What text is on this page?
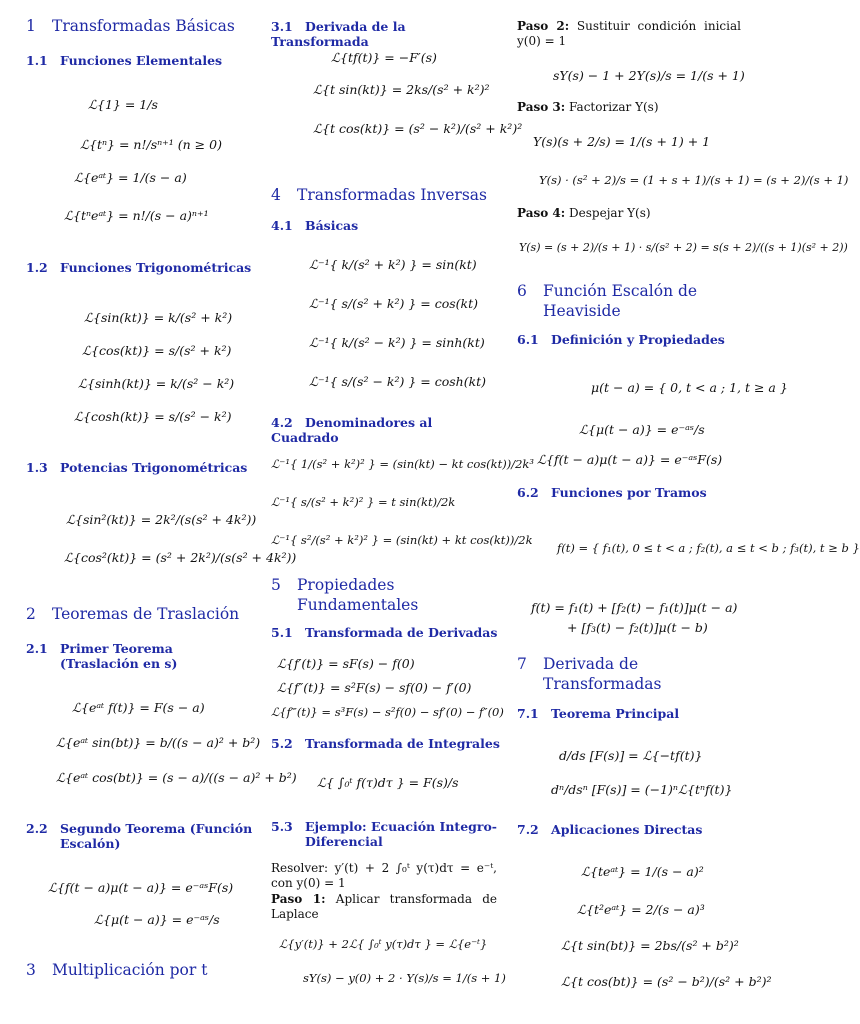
1 Transformadas Básicas
1.1 Funciones Elementales
ℒ{1} = 1/s
ℒ{tⁿ} = n!/sⁿ⁺¹ (n ≥ 0)
ℒ{eᵃᵗ} = 1/(s − a)
ℒ{tⁿeᵃᵗ} = n!/(s − a)ⁿ⁺¹
1.2 Funciones Trigonométricas
ℒ{sin(kt)} = k/(s² + k²)
ℒ{cos(kt)} = s/(s² + k²)
ℒ{sinh(kt)} = k/(s² − k²)
ℒ{cosh(kt)} = s/(s² − k²)
1.3 Potencias Trigonométricas
ℒ{sin²(kt)} = 2k²/(s(s² + 4k²))
ℒ{cos²(kt)} = (s² + 2k²)/(s(s² + 4k²))
2 Teoremas de Traslación
2.1 Primer Teorema (Traslación en s)
ℒ{eᵃᵗ f(t)} = F(s − a)
ℒ{eᵃᵗ sin(bt)} = b/((s − a)² + b²)
ℒ{eᵃᵗ cos(bt)} = (s − a)/((s − a)² + b²)
2.2 Segundo Teorema (Función Escalón)
ℒ{f(t − a)μ(t − a)} = e⁻ᵃˢF(s)
ℒ{μ(t − a)} = e⁻ᵃˢ/s
3 Multiplicación por t
3.1 Derivada de la Transformada
ℒ{tf(t)} = −F′(s)
ℒ{t sin(kt)} = 2ks/(s² + k²)²
ℒ{t cos(kt)} = (s² − k²)/(s² + k²)²
4 Transformadas Inversas
4.1 Básicas
ℒ⁻¹{ k/(s² + k²) } = sin(kt)
ℒ⁻¹{ s/(s² + k²) } = cos(kt)
ℒ⁻¹{ k/(s² − k²) } = sinh(kt)
ℒ⁻¹{ s/(s² − k²) } = cosh(kt)
4.2 Denominadores al Cuadrado
ℒ⁻¹{ 1/(s² + k²)² } = (sin(kt) − kt cos(kt))/2k³
ℒ⁻¹{ s/(s² + k²)² } = t sin(kt)/2k
ℒ⁻¹{ s²/(s² + k²)² } = (sin(kt) + kt cos(kt))/2k
5	Propiedades Fundamentales
5.1 Transformada de Derivadas
ℒ{f′(t)} = sF(s) − f(0)
ℒ{f″(t)} = s²F(s) − sf(0) − f′(0)
ℒ{f‴(t)} = s³F(s) − s²f(0) − sf′(0) − f″(0)
5.2 Transformada de Integrales
ℒ{ ∫₀ᵗ f(τ)dτ } = F(s)/s
5.3 Ejemplo: Ecuación Integro-Diferencial
Resolver: y′(t) + 2 ∫₀ᵗ y(τ)dτ = e⁻ᵗ, con y(0) = 1
Paso 1: Aplicar transformada de Laplace
ℒ{y′(t)} + 2ℒ{ ∫₀ᵗ y(τ)dτ } = ℒ{e⁻ᵗ}
sY(s) − y(0) + 2 · Y(s)/s = 1/(s + 1)
Paso 2: Sustituir condición inicial y(0) = 1
sY(s) − 1 + 2Y(s)/s = 1/(s + 1)
Paso 3: Factorizar Y(s)
Y(s)(s + 2/s) = 1/(s + 1) + 1
Y(s) · (s² + 2)/s = (1 + s + 1)/(s + 1) = (s + 2)/(s + 1)
Paso 4: Despejar Y(s)
Y(s) = (s + 2)/(s + 1) · s/(s² + 2) = s(s + 2)/((s + 1)(s² + 2))
6	Función Escalón de Heaviside
6.1 Definición y Propiedades
μ(t − a) = { 0, t < a ; 1, t ≥ a }
ℒ{μ(t − a)} = e⁻ᵃˢ/s
ℒ{f(t − a)μ(t − a)} = e⁻ᵃˢF(s)
6.2 Funciones por Tramos
f(t) = { f₁(t), 0 ≤ t < a ; f₂(t), a ≤ t < b ; f₃(t), t ≥ b }
f(t) = f₁(t) + [f₂(t) − f₁(t)]μ(t − a)
+ [f₃(t) − f₂(t)]μ(t − b)
7	Derivada de Transformadas
7.1 Teorema Principal
d/ds [F(s)] = ℒ{−tf(t)}
dⁿ/dsⁿ [F(s)] = (−1)ⁿℒ{tⁿf(t)}
7.2 Aplicaciones Directas
ℒ{teᵃᵗ} = 1/(s − a)²
ℒ{t²eᵃᵗ} = 2/(s − a)³
ℒ{t sin(bt)} = 2bs/(s² + b²)²
ℒ{t cos(bt)} = (s² − b²)/(s² + b²)²
